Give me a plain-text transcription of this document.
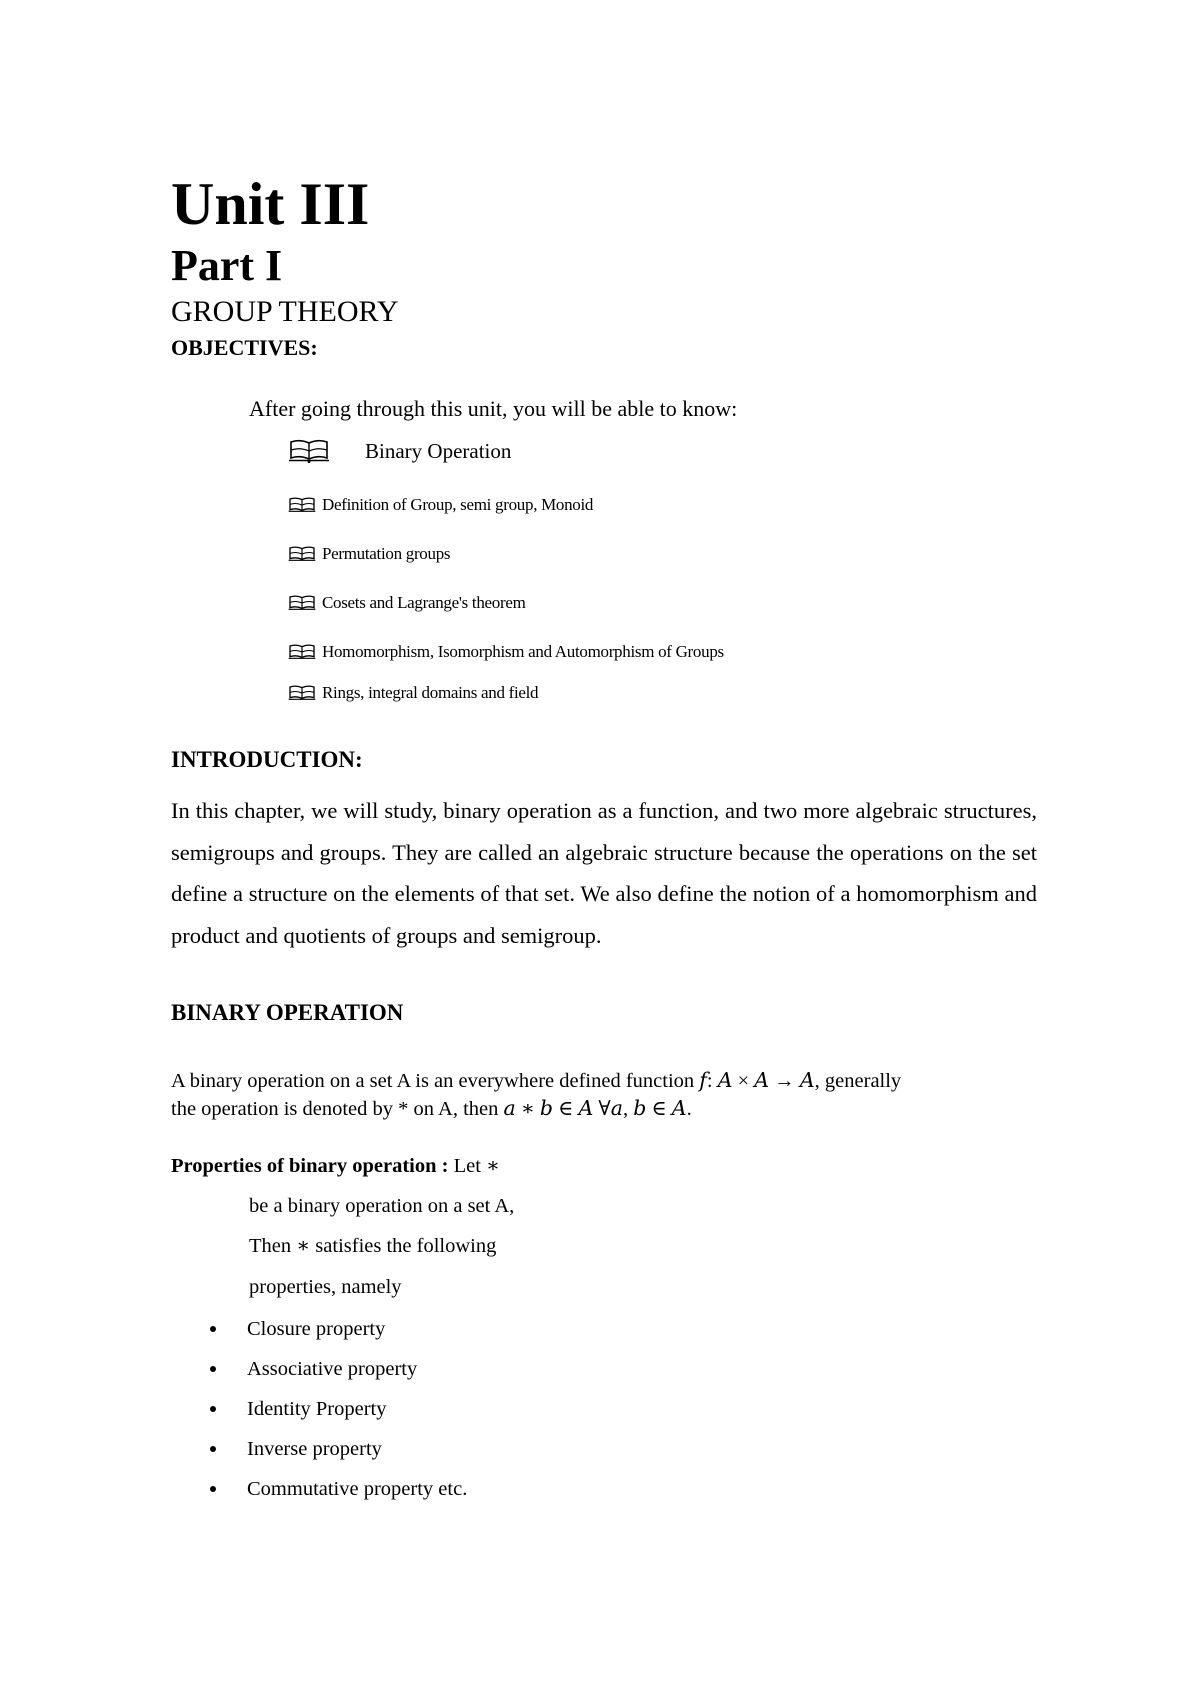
Unit III
Part I
GROUP THEORY
OBJECTIVES:
After going through this unit, you will be able to know:
Binary Operation
Definition of Group, semi group, Monoid
Permutation groups
Cosets and Lagrange's theorem
Homomorphism, Isomorphism and Automorphism of Groups
Rings, integral domains and field
INTRODUCTION:

In this chapter, we will study, binary operation as a function, and two more algebraic structures, semigroups and groups. They are called an algebraic structure because the operations on the set define a structure on the elements of that set. We also define the notion of a homomorphism and product and quotients of groups and semigroup.

BINARY OPERATION
A binary operation on a set A is an everywhere defined function 𝑓: 𝐴 × 𝐴 → 𝐴, generally
the operation is denoted by * on A, then 𝑎 ∗ 𝑏 ∈ 𝐴 ∀𝑎, 𝑏 ∈ 𝐴.
Properties of binary operation : Let ∗
be a binary operation on a set A,
Then ∗ satisfies the following
properties, namely
Closure property
Associative property
Identity Property
Inverse property
Commutative property etc.
